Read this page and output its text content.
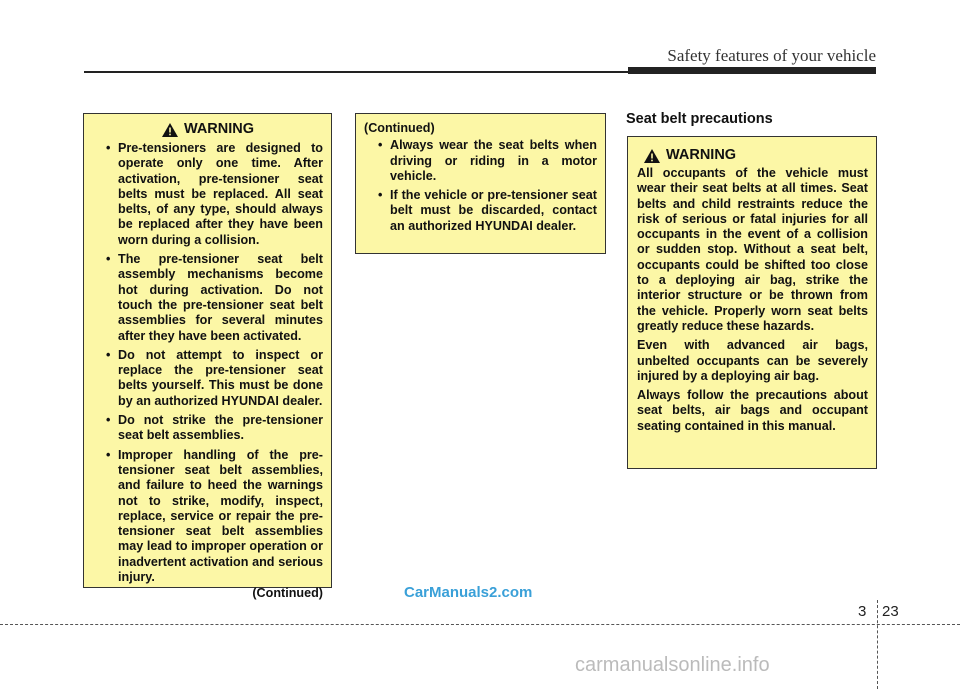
Safety features of your vehicle
WARNING
• Pre-tensioners are designed to operate only one time. After activation, pre-tensioner seat belts must be replaced. All seat belts, of any type, should always be replaced after they have been worn during a collision.
• The pre-tensioner seat belt assembly mechanisms become hot during activation. Do not touch the pre-tensioner seat belt assemblies for several minutes after they have been activated.
• Do not attempt to inspect or replace the pre-tensioner seat belts yourself. This must be done by an authorized HYUNDAI dealer.
• Do not strike the pre-tensioner seat belt assemblies.
• Improper handling of the pre-tensioner seat belt assemblies, and failure to heed the warnings not to strike, modify, inspect, replace, service or repair the pre-tensioner seat belt assemblies may lead to improper operation or inadvertent activation and serious injury.
(Continued)
(Continued)
• Always wear the seat belts when driving or riding in a motor vehicle.
• If the vehicle or pre-tensioner seat belt must be discarded, contact an authorized HYUNDAI dealer.
Seat belt precautions
WARNING

All occupants of the vehicle must wear their seat belts at all times. Seat belts and child restraints reduce the risk of serious or fatal injuries for all occupants in the event of a collision or sudden stop. Without a seat belt, occupants could be shifted too close to a deploying air bag, strike the interior structure or be thrown from the vehicle. Properly worn seat belts greatly reduce these hazards.

Even with advanced air bags, unbelted occupants can be severely injured by a deploying air bag.

Always follow the precautions about seat belts, air bags and occupant seating contained in this manual.

CarManuals2.com
3 23
carmanualsonline.info
